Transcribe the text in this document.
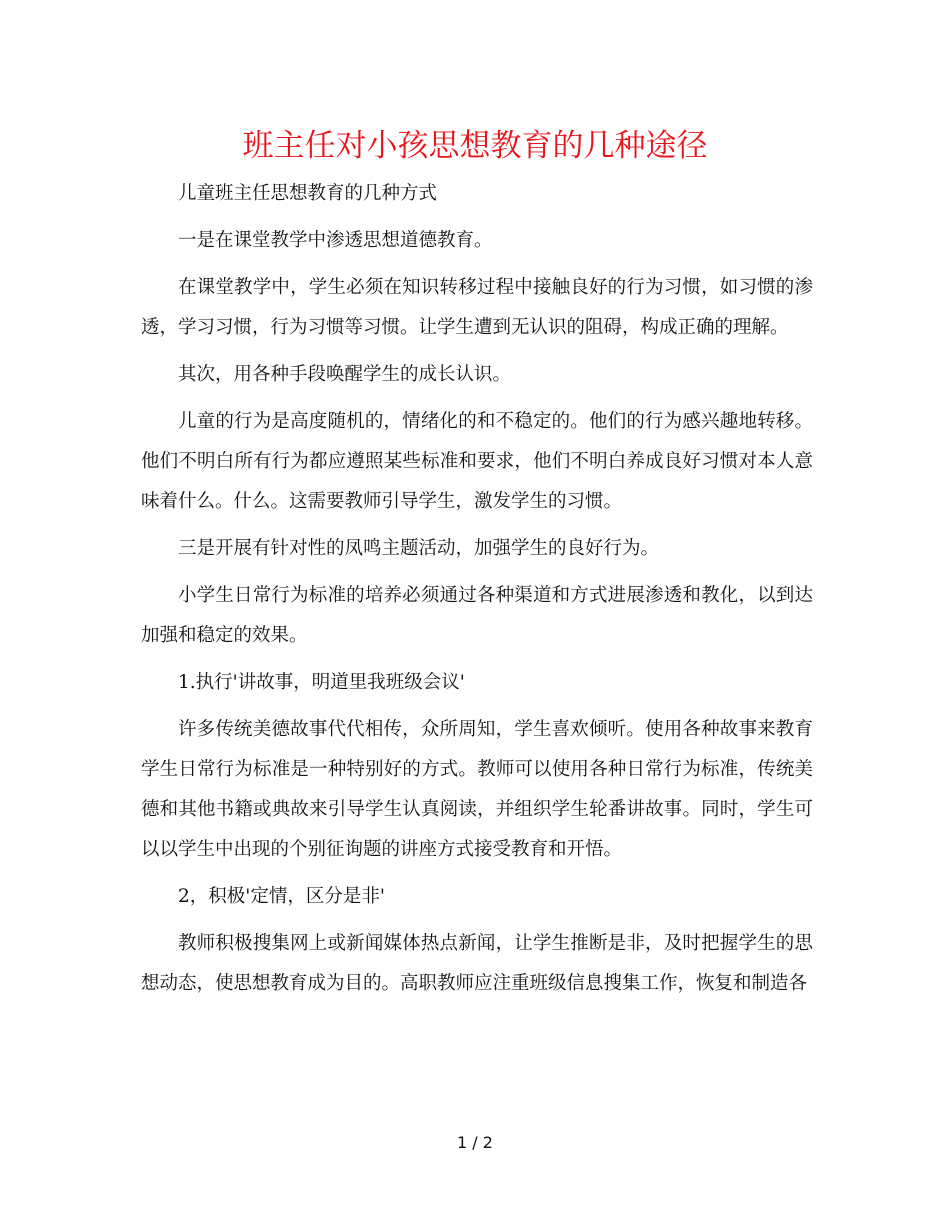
班主任对小孩思想教育的几种途径

儿童班主任思想教育的几种方式

一是在课堂教学中渗透思想道德教育。

在课堂教学中，学生必须在知识转移过程中接触良好的行为习惯，如习惯的渗透，学习习惯，行为习惯等习惯。让学生遭到无认识的阻碍，构成正确的理解。

其次，用各种手段唤醒学生的成长认识。

儿童的行为是高度随机的，情绪化的和不稳定的。他们的行为感兴趣地转移。他们不明白所有行为都应遵照某些标准和要求，他们不明白养成良好习惯对本人意味着什么。什么。这需要教师引导学生，激发学生的习惯。

三是开展有针对性的凤鸣主题活动，加强学生的良好行为。

小学生日常行为标准的培养必须通过各种渠道和方式进展渗透和教化，以到达加强和稳定的效果。

1.执行'讲故事，明道里我班级会议'

许多传统美德故事代代相传，众所周知，学生喜欢倾听。使用各种故事来教育学生日常行为标准是一种特别好的方式。教师可以使用各种日常行为标准，传统美德和其他书籍或典故来引导学生认真阅读，并组织学生轮番讲故事。同时，学生可以以学生中出现的个别征询题的讲座方式接受教育和开悟。

2，积极'定情，区分是非'

教师积极搜集网上或新闻媒体热点新闻，让学生推断是非，及时把握学生的思想动态，使思想教育成为目的。高职教师应注重班级信息搜集工作，恢复和制造各

1 / 2
